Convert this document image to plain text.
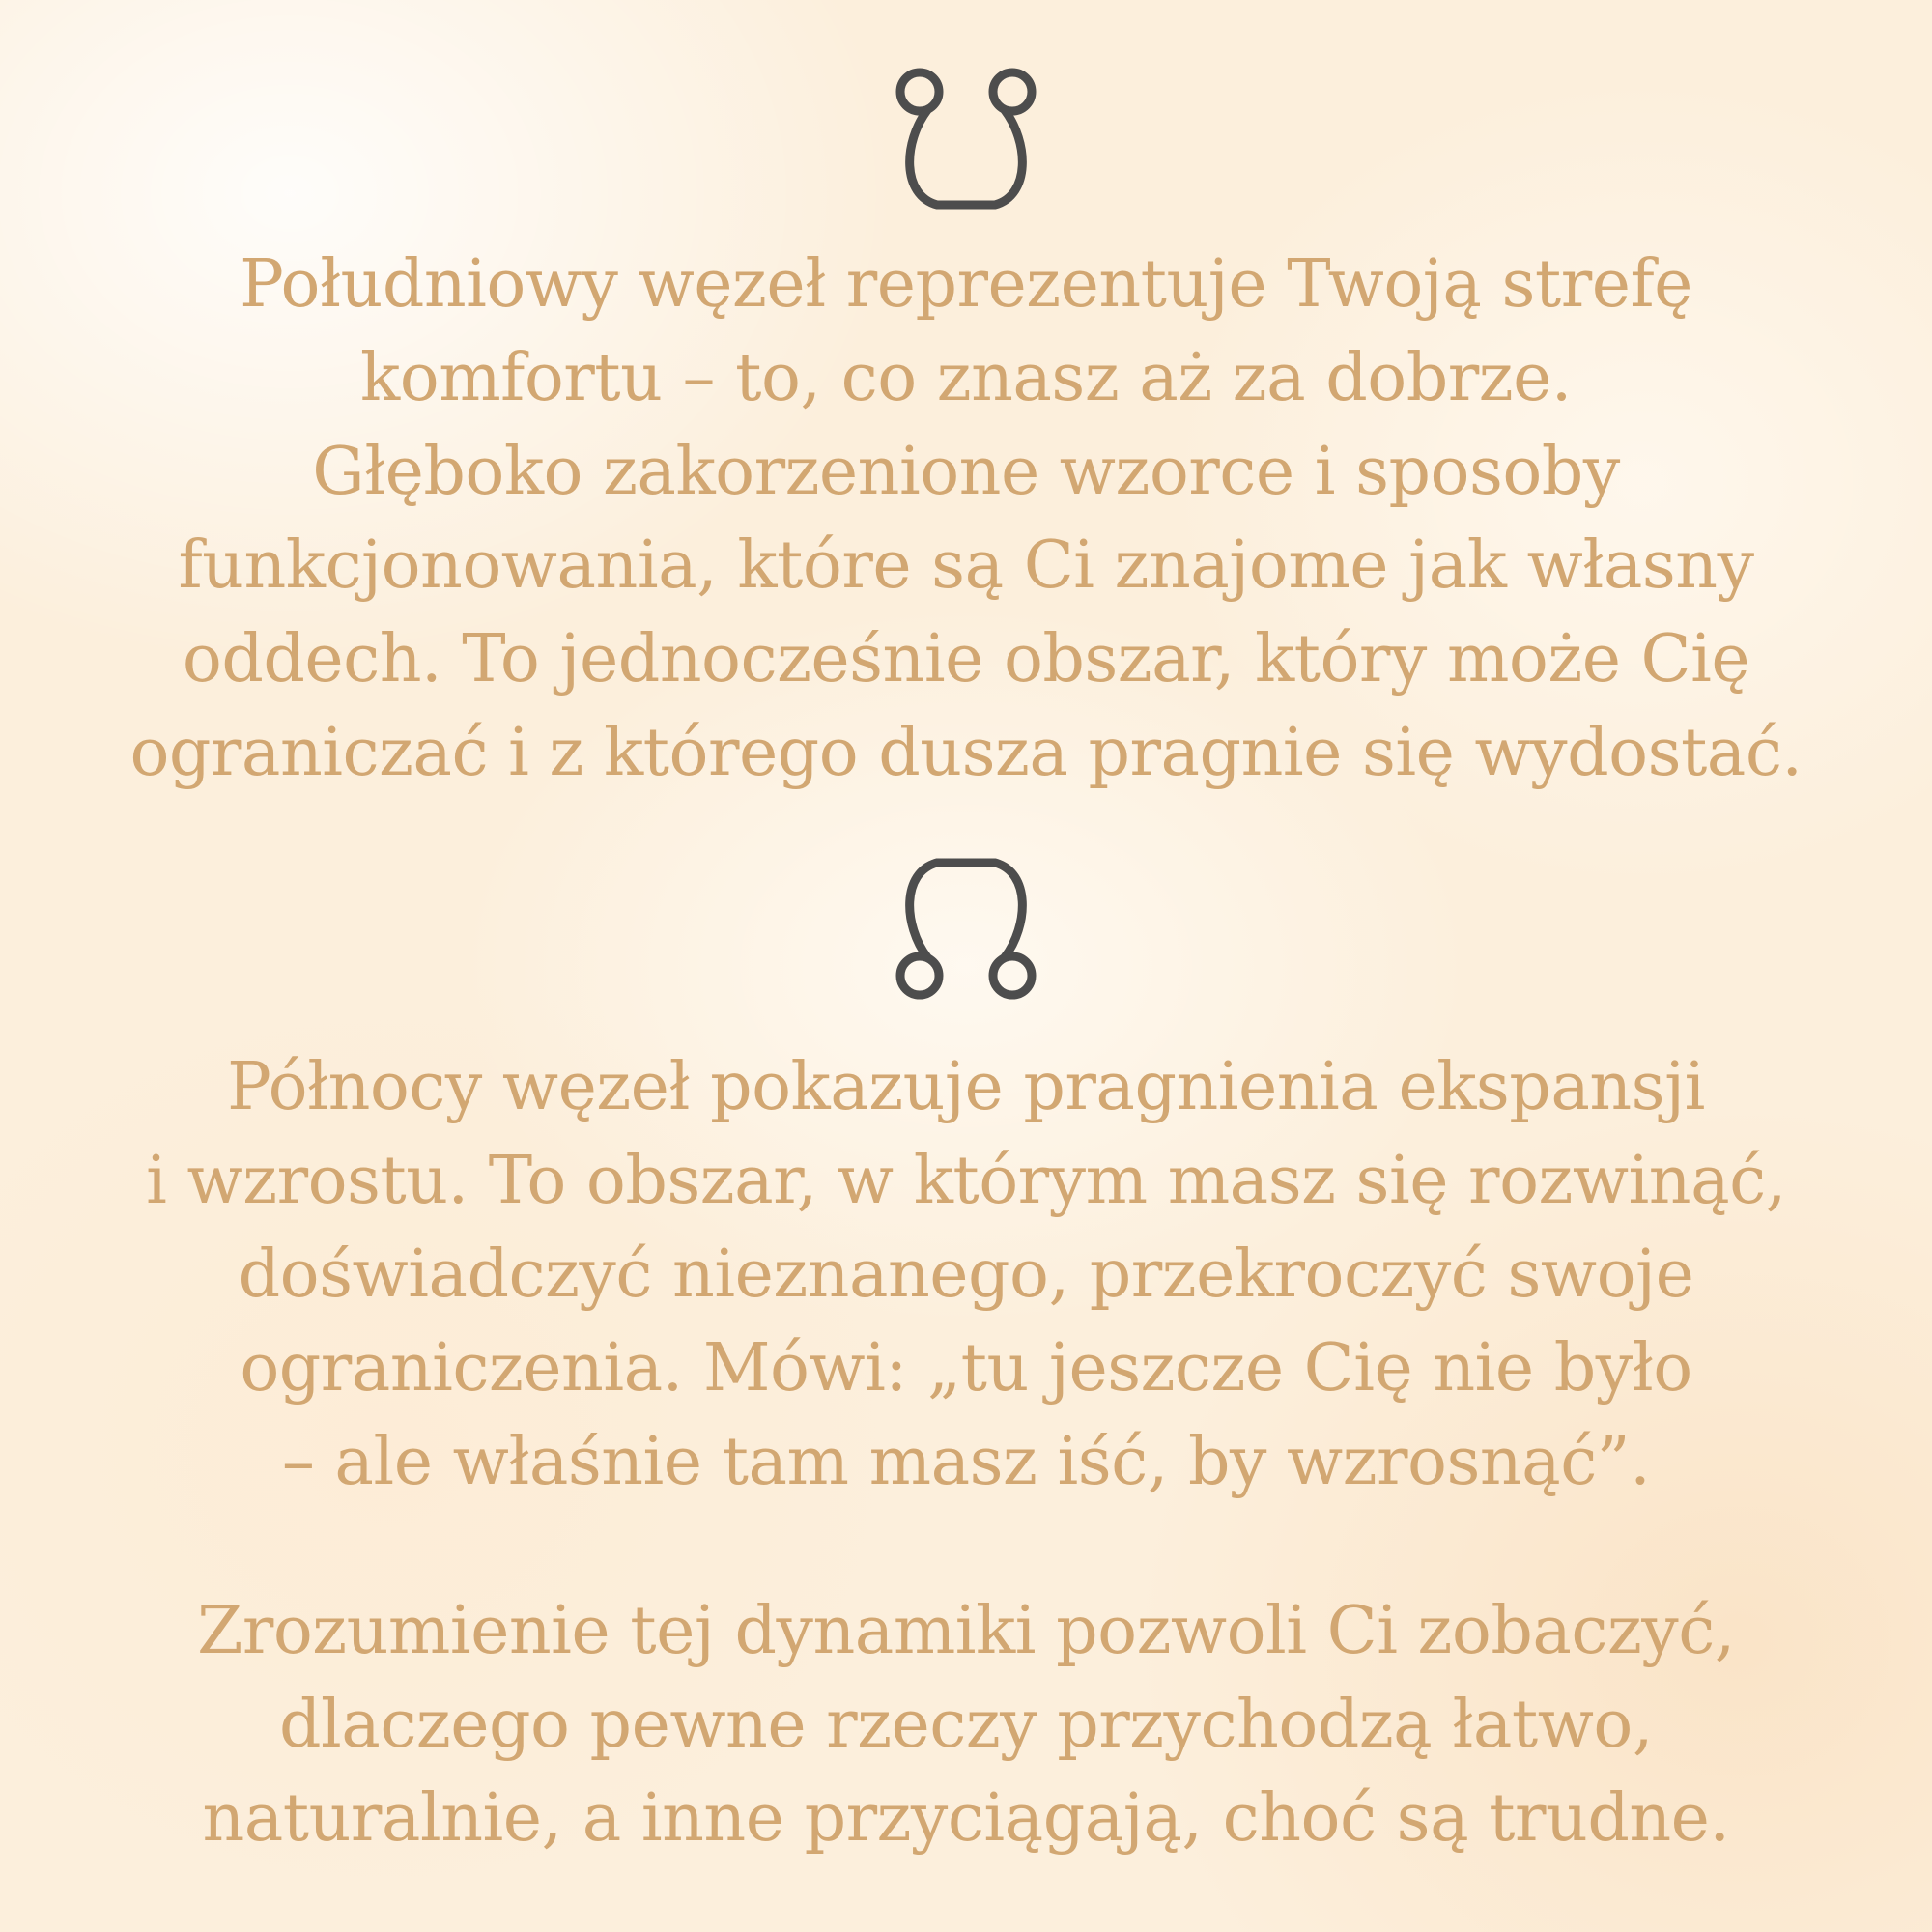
Południowy węzeł reprezentuje Twoją strefę
komfortu – to, co znasz aż za dobrze.
Głęboko zakorzenione wzorce i sposoby
funkcjonowania, które są Ci znajome jak własny
oddech. To jednocześnie obszar, który może Cię
ograniczać i z którego dusza pragnie się wydostać.
Północy węzeł pokazuje pragnienia ekspansji
i wzrostu. To obszar, w którym masz się rozwinąć,
doświadczyć nieznanego, przekroczyć swoje
ograniczenia. Mówi: „tu jeszcze Cię nie było
– ale właśnie tam masz iść, by wzrosnąć”.
Zrozumienie tej dynamiki pozwoli Ci zobaczyć,
dlaczego pewne rzeczy przychodzą łatwo,
naturalnie, a inne przyciągają, choć są trudne.
